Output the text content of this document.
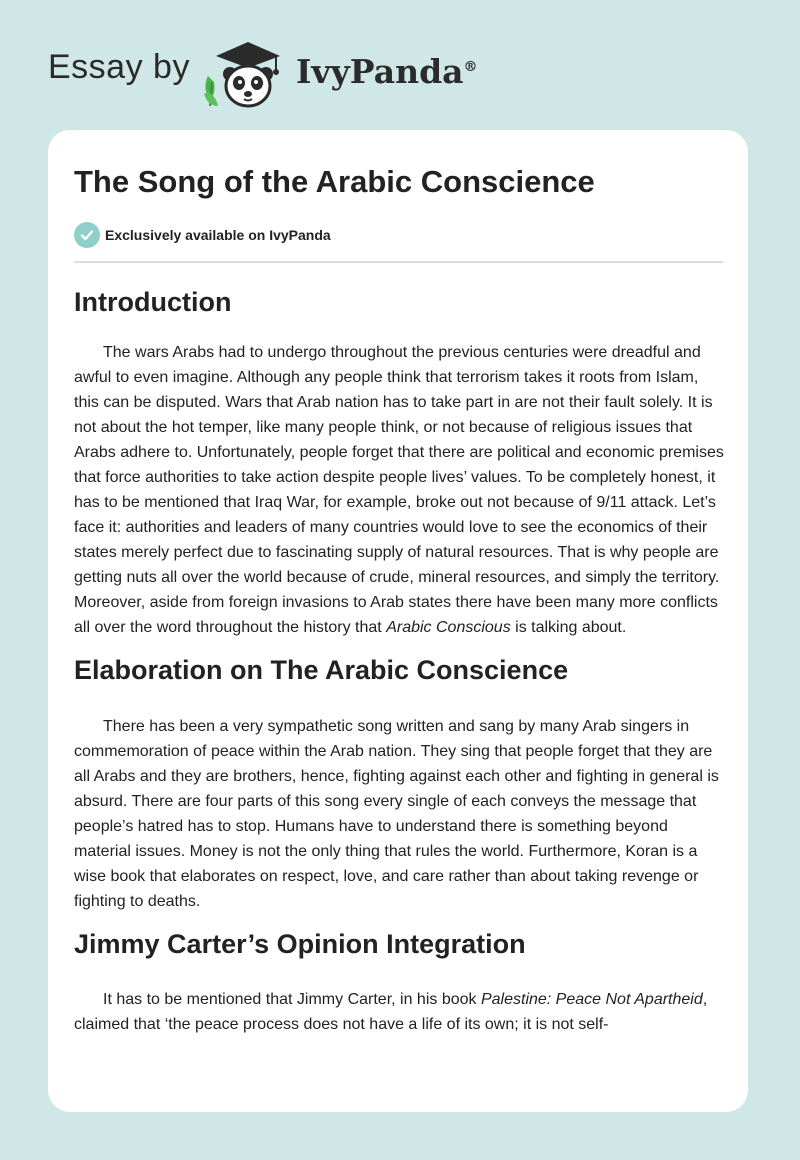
Essay by	IvyPanda®
The Song of the Arabic Conscience
Exclusively available on IvyPanda
Introduction

The wars Arabs had to undergo throughout the previous centuries were dreadful and awful to even imagine. Although any people think that terrorism takes it roots from Islam, this can be disputed. Wars that Arab nation has to take part in are not their fault solely. It is not about the hot temper, like many people think, or not because of religious issues that Arabs adhere to. Unfortunately, people forget that there are political and economic premises that force authorities to take action despite people lives’ values. To be completely honest, it has to be mentioned that Iraq War, for example, broke out not because of 9/11 attack. Let’s face it: authorities and leaders of many countries would love to see the economics of their states merely perfect due to fascinating supply of natural resources. That is why people are getting nuts all over the world because of crude, mineral resources, and simply the territory. Moreover, aside from foreign invasions to Arab states there have been many more conflicts all over the word throughout the history that Arabic Conscious is talking about.

Elaboration on The Arabic Conscience

There has been a very sympathetic song written and sang by many Arab singers in commemoration of peace within the Arab nation. They sing that people forget that they are all Arabs and they are brothers, hence, fighting against each other and fighting in general is absurd. There are four parts of this song every single of each conveys the message that people’s hatred has to stop. Humans have to understand there is something beyond material issues. Money is not the only thing that rules the world. Furthermore, Koran is a wise book that elaborates on respect, love, and care rather than about taking revenge or fighting to deaths.

Jimmy Carter’s Opinion Integration

It has to be mentioned that Jimmy Carter, in his book Palestine: Peace Not Apartheid, claimed that ‘the peace process does not have a life of its own; it is not self-
